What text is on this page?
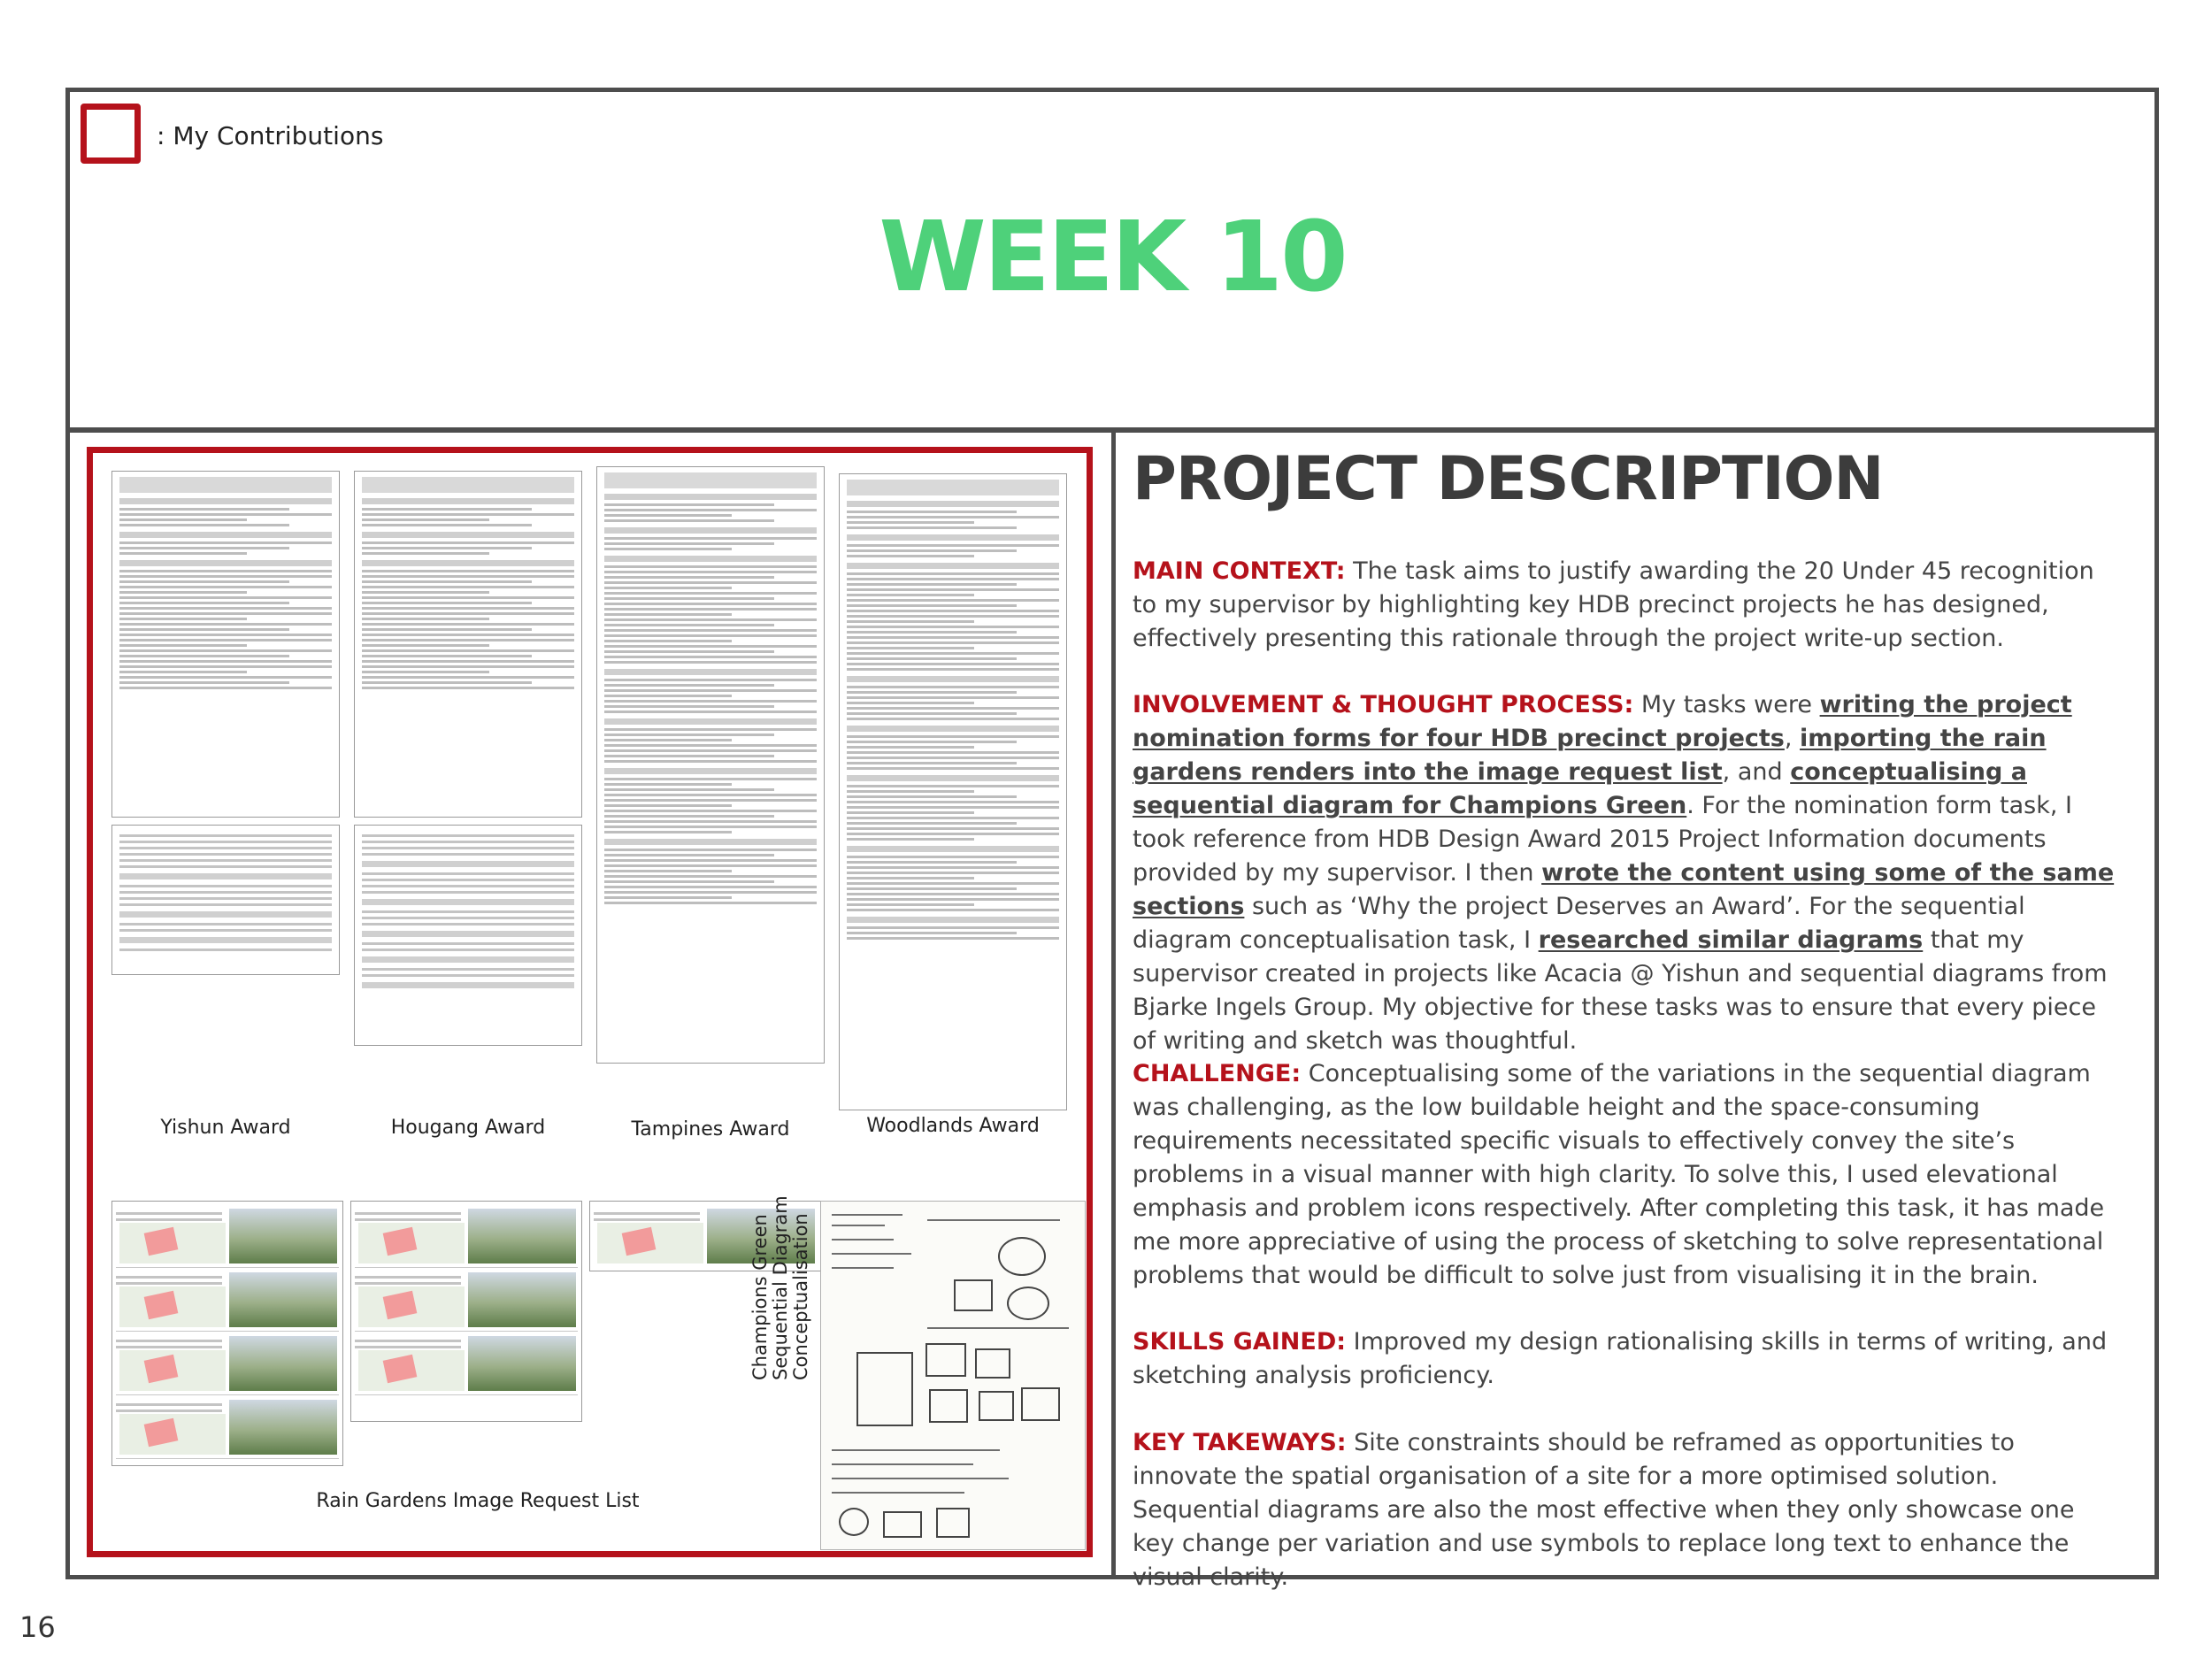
: My Contributions
WEEK 10
Yishun Award	Hougang Award	Tampines Award	Woodlands Award
Rain Gardens Image Request List
Champions Green Sequential Diagram Conceptualisation
PROJECT DESCRIPTION
MAIN CONTEXT: The task aims to justify awarding the 20 Under 45 recognition to my supervisor by highlighting key HDB precinct projects he has designed, effectively presenting this rationale through the project write-up section.
INVOLVEMENT & THOUGHT PROCESS: My tasks were writing the project nomination forms for four HDB precinct projects, importing the rain gardens renders into the image request list, and conceptualising a sequential diagram for Champions Green. For the nomination form task, I took reference from HDB Design Award 2015 Project Information documents provided by my supervisor. I then wrote the content using some of the same sections such as ‘Why the project Deserves an Award’. For the sequential diagram conceptualisation task, I researched similar diagrams that my supervisor created in projects like Acacia @ Yishun and sequential diagrams from Bjarke Ingels Group. My objective for these tasks was to ensure that every piece of writing and sketch was thoughtful.
CHALLENGE: Conceptualising some of the variations in the sequential diagram was challenging, as the low buildable height and the space-consuming requirements necessitated specific visuals to effectively convey the site’s problems in a visual manner with high clarity. To solve this, I used elevational emphasis and problem icons respectively. After completing this task, it has made me more appreciative of using the process of sketching to solve representational problems that would be difficult to solve just from visualising it in the brain.
SKILLS GAINED: Improved my design rationalising skills in terms of writing, and sketching analysis proficiency.
KEY TAKEWAYS: Site constraints should be reframed as opportunities to innovate the spatial organisation of a site for a more optimised solution. Sequential diagrams are also the most effective when they only showcase one key change per variation and use symbols to replace long text to enhance the visual clarity.
16
